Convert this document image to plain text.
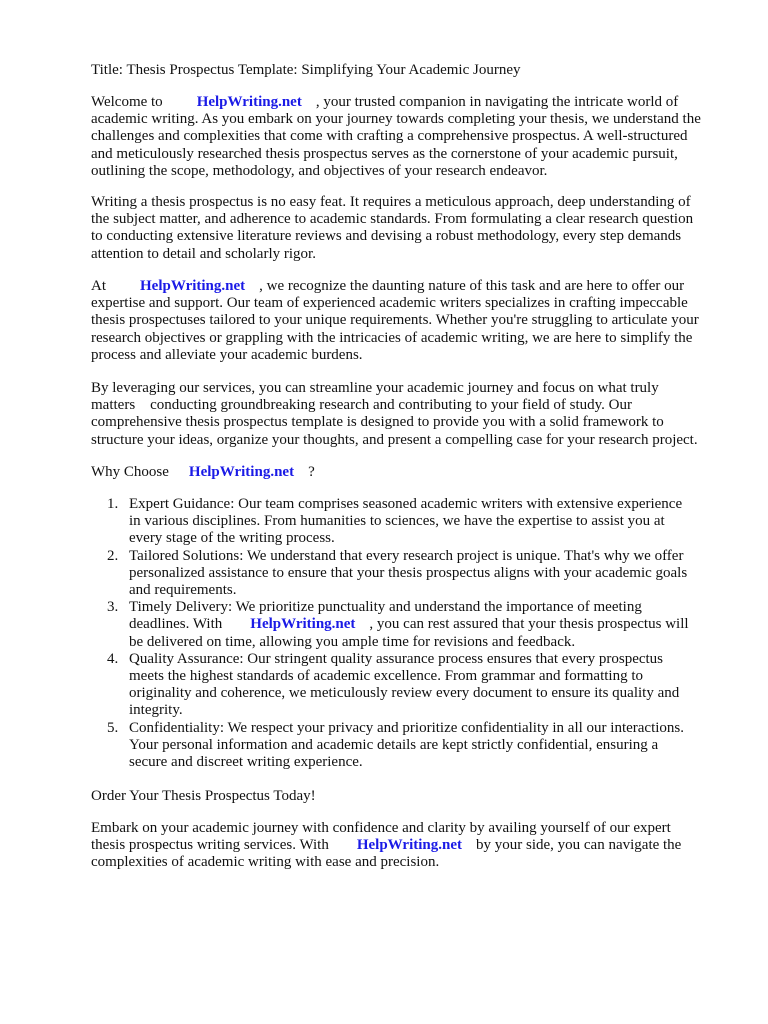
Title: Thesis Prospectus Template: Simplifying Your Academic Journey

Welcome to HelpWriting.net , your trusted companion in navigating the intricate world of
academic writing. As you embark on your journey towards completing your thesis, we understand the
challenges and complexities that come with crafting a comprehensive prospectus. A well-structured
and meticulously researched thesis prospectus serves as the cornerstone of your academic pursuit,
outlining the scope, methodology, and objectives of your research endeavor.

Writing a thesis prospectus is no easy feat. It requires a meticulous approach, deep understanding of
the subject matter, and adherence to academic standards. From formulating a clear research question
to conducting extensive literature reviews and devising a robust methodology, every step demands
attention to detail and scholarly rigor.

At HelpWriting.net , we recognize the daunting nature of this task and are here to offer our
expertise and support. Our team of experienced academic writers specializes in crafting impeccable
thesis prospectuses tailored to your unique requirements. Whether you're struggling to articulate your
research objectives or grappling with the intricacies of academic writing, we are here to simplify the
process and alleviate your academic burdens.

By leveraging our services, you can streamline your academic journey and focus on what truly
matters    conducting groundbreaking research and contributing to your field of study. Our
comprehensive thesis prospectus template is designed to provide you with a solid framework to
structure your ideas, organize your thoughts, and present a compelling case for your research project.

Why Choose HelpWriting.net ?

1. Expert Guidance: Our team comprises seasoned academic writers with extensive experience
in various disciplines. From humanities to sciences, we have the expertise to assist you at
every stage of the writing process.
2. Tailored Solutions: We understand that every research project is unique. That's why we offer
personalized assistance to ensure that your thesis prospectus aligns with your academic goals
and requirements.
3. Timely Delivery: We prioritize punctuality and understand the importance of meeting
deadlines. With HelpWriting.net , you can rest assured that your thesis prospectus will
be delivered on time, allowing you ample time for revisions and feedback.
4. Quality Assurance: Our stringent quality assurance process ensures that every prospectus
meets the highest standards of academic excellence. From grammar and formatting to
originality and coherence, we meticulously review every document to ensure its quality and
integrity.
5. Confidentiality: We respect your privacy and prioritize confidentiality in all our interactions.
Your personal information and academic details are kept strictly confidential, ensuring a
secure and discreet writing experience.

Order Your Thesis Prospectus Today!

Embark on your academic journey with confidence and clarity by availing yourself of our expert
thesis prospectus writing services. With HelpWriting.net by your side, you can navigate the
complexities of academic writing with ease and precision.
